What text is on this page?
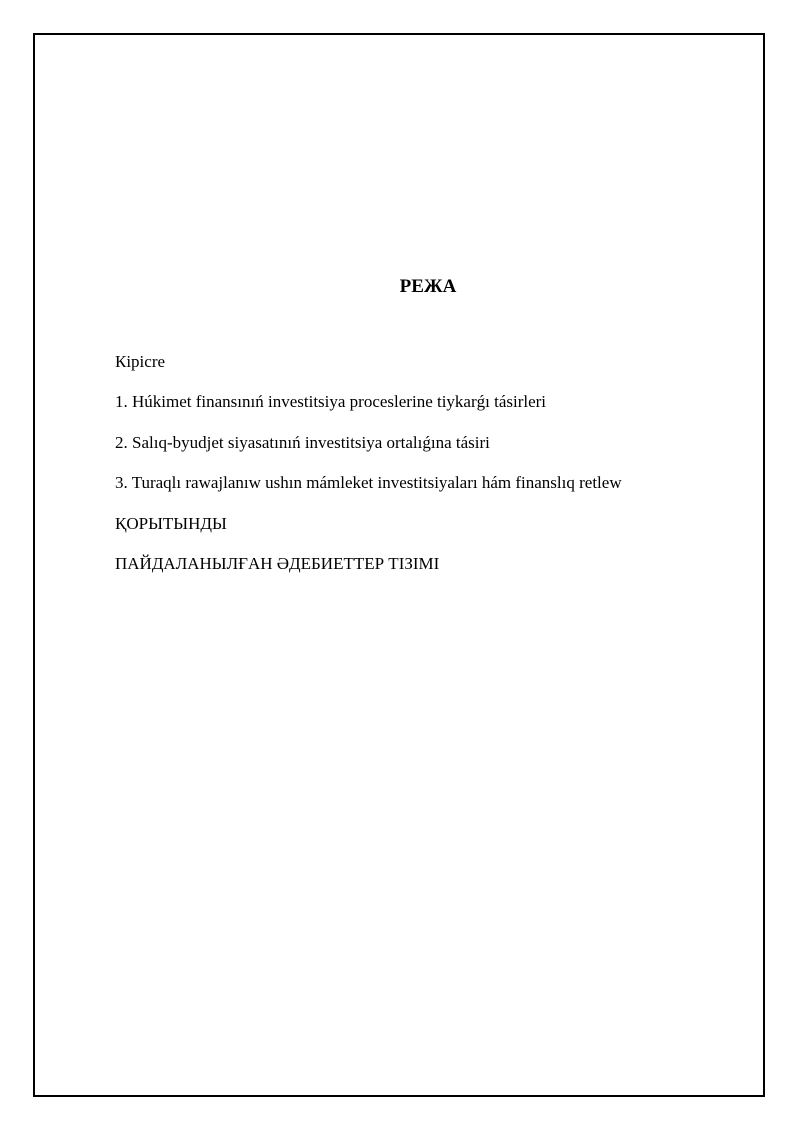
РЕЖА
Кірісrе
1. Húkimet finansınıń investitsiya proceslerine tiykarǵı tásirleri
2. Salıq-byudjet siyasatınıń investitsiya ortalıǵına tásiri
3. Turaqlı rawajlanıw ushın mámleket investitsiyaları hám finanslıq retlew
ҚОРЫТЫНДЫ
ПАЙДАЛАНЫЛҒАН ӘДЕБИЕТТЕР ТІЗІМІ
